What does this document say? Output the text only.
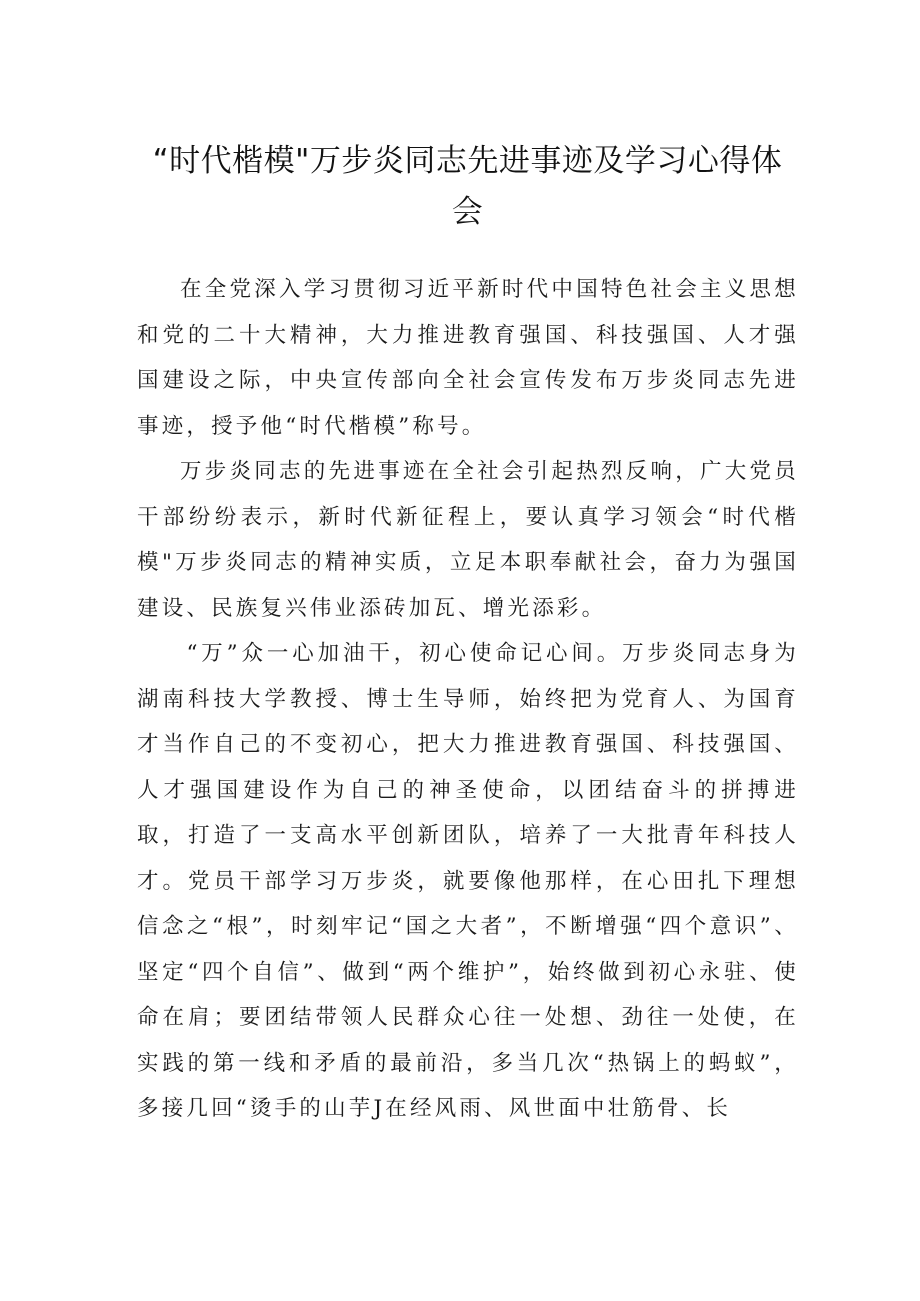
“时代楷模"万步炎同志先进事迹及学习心得体会

在全党深入学习贯彻习近平新时代中国特色社会主义思想和党的二十大精神，大力推进教育强国、科技强国、人才强国建设之际，中央宣传部向全社会宣传发布万步炎同志先进事迹，授予他“时代楷模”称号。

万步炎同志的先进事迹在全社会引起热烈反响，广大党员干部纷纷表示，新时代新征程上，要认真学习领会“时代楷模"万步炎同志的精神实质，立足本职奉献社会，奋力为强国建设、民族复兴伟业添砖加瓦、增光添彩。

“万”众一心加油干，初心使命记心间。万步炎同志身为湖南科技大学教授、博士生导师，始终把为党育人、为国育才当作自己的不变初心，把大力推进教育强国、科技强国、人才强国建设作为自己的神圣使命，以团结奋斗的拼搏进取，打造了一支高水平创新团队，培养了一大批青年科技人才。党员干部学习万步炎，就要像他那样，在心田扎下理想信念之“根”，时刻牢记“国之大者”，不断增强“四个意识”、坚定“四个自信”、做到“两个维护”，始终做到初心永驻、使命在肩；要团结带领人民群众心往一处想、劲往一处使，在实践的第一线和矛盾的最前沿，多当几次“热锅上的蚂蚁”，多接几回“烫手的山芋J在经风雨、风世面中壮筋骨、长
